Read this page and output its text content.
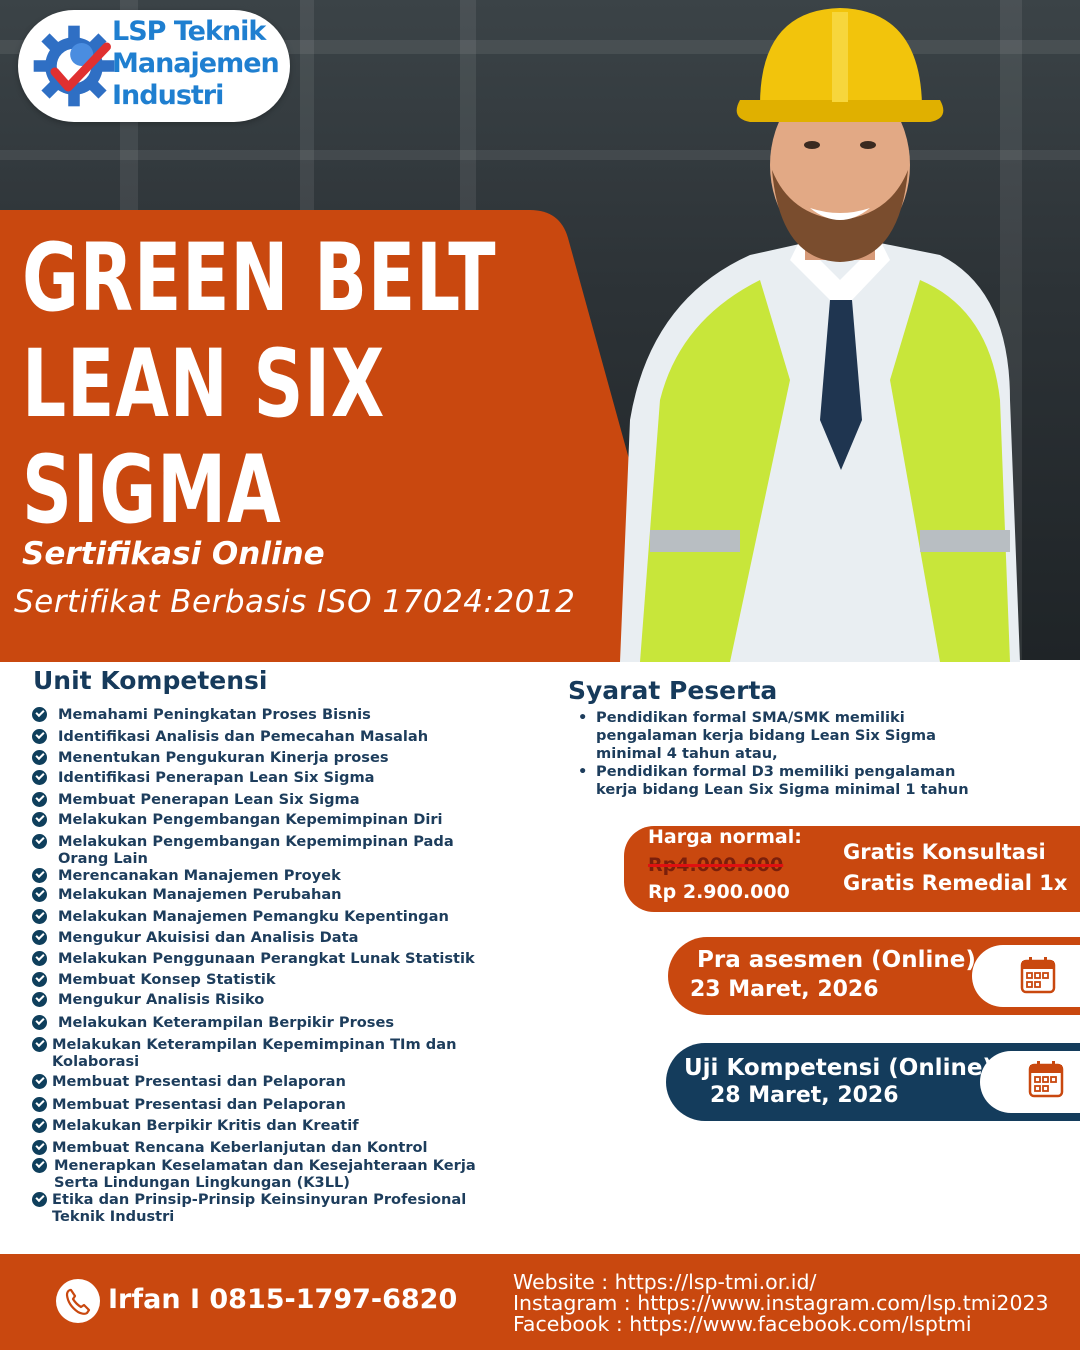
LSP Teknik
Manajemen
Industri
GREEN BELT
LEAN SIX
SIGMA
Sertifikasi Online
Sertifikat Berbasis ISO 17024:2012
Unit Kompetensi
Memahami Peningkatan Proses Bisnis
Identifikasi Analisis dan Pemecahan Masalah
Menentukan Pengukuran Kinerja proses
Identifikasi Penerapan Lean Six Sigma
Membuat Penerapan Lean Six Sigma
Melakukan Pengembangan Kepemimpinan Diri
Melakukan Pengembangan Kepemimpinan Pada Orang Lain
Merencanakan Manajemen Proyek
Melakukan Manajemen Perubahan
Melakukan Manajemen Pemangku Kepentingan
Mengukur Akuisisi dan Analisis Data
Melakukan Penggunaan Perangkat Lunak Statistik
Membuat Konsep Statistik
Mengukur Analisis Risiko
Melakukan Keterampilan Berpikir Proses
Melakukan Keterampilan Kepemimpinan TIm dan Kolaborasi
Membuat Presentasi dan Pelaporan
Membuat Presentasi dan Pelaporan
Melakukan Berpikir Kritis dan Kreatif
Membuat Rencana Keberlanjutan dan Kontrol
Menerapkan Keselamatan dan Kesejahteraan Kerja Serta Lindungan Lingkungan (K3LL)
Etika dan Prinsip-Prinsip Keinsinyuran Profesional Teknik Industri
Syarat Peserta
• Pendidikan formal SMA/SMK memiliki pengalaman kerja bidang Lean Six Sigma minimal 4 tahun atau,
• Pendidikan formal D3 memiliki pengalaman kerja bidang Lean Six Sigma minimal 1 tahun
Harga normal:
Rp4.000.000
Rp 2.900.000
Gratis Konsultasi
Gratis Remedial 1x
Pra asesmen (Online)
23 Maret, 2026
Uji Kompetensi (Online)
28 Maret, 2026
Irfan I 0815-1797-6820
Website : https://lsp-tmi.or.id/
Instagram : https://www.instagram.com/lsp.tmi2023
Facebook : https://www.facebook.com/lsptmi
